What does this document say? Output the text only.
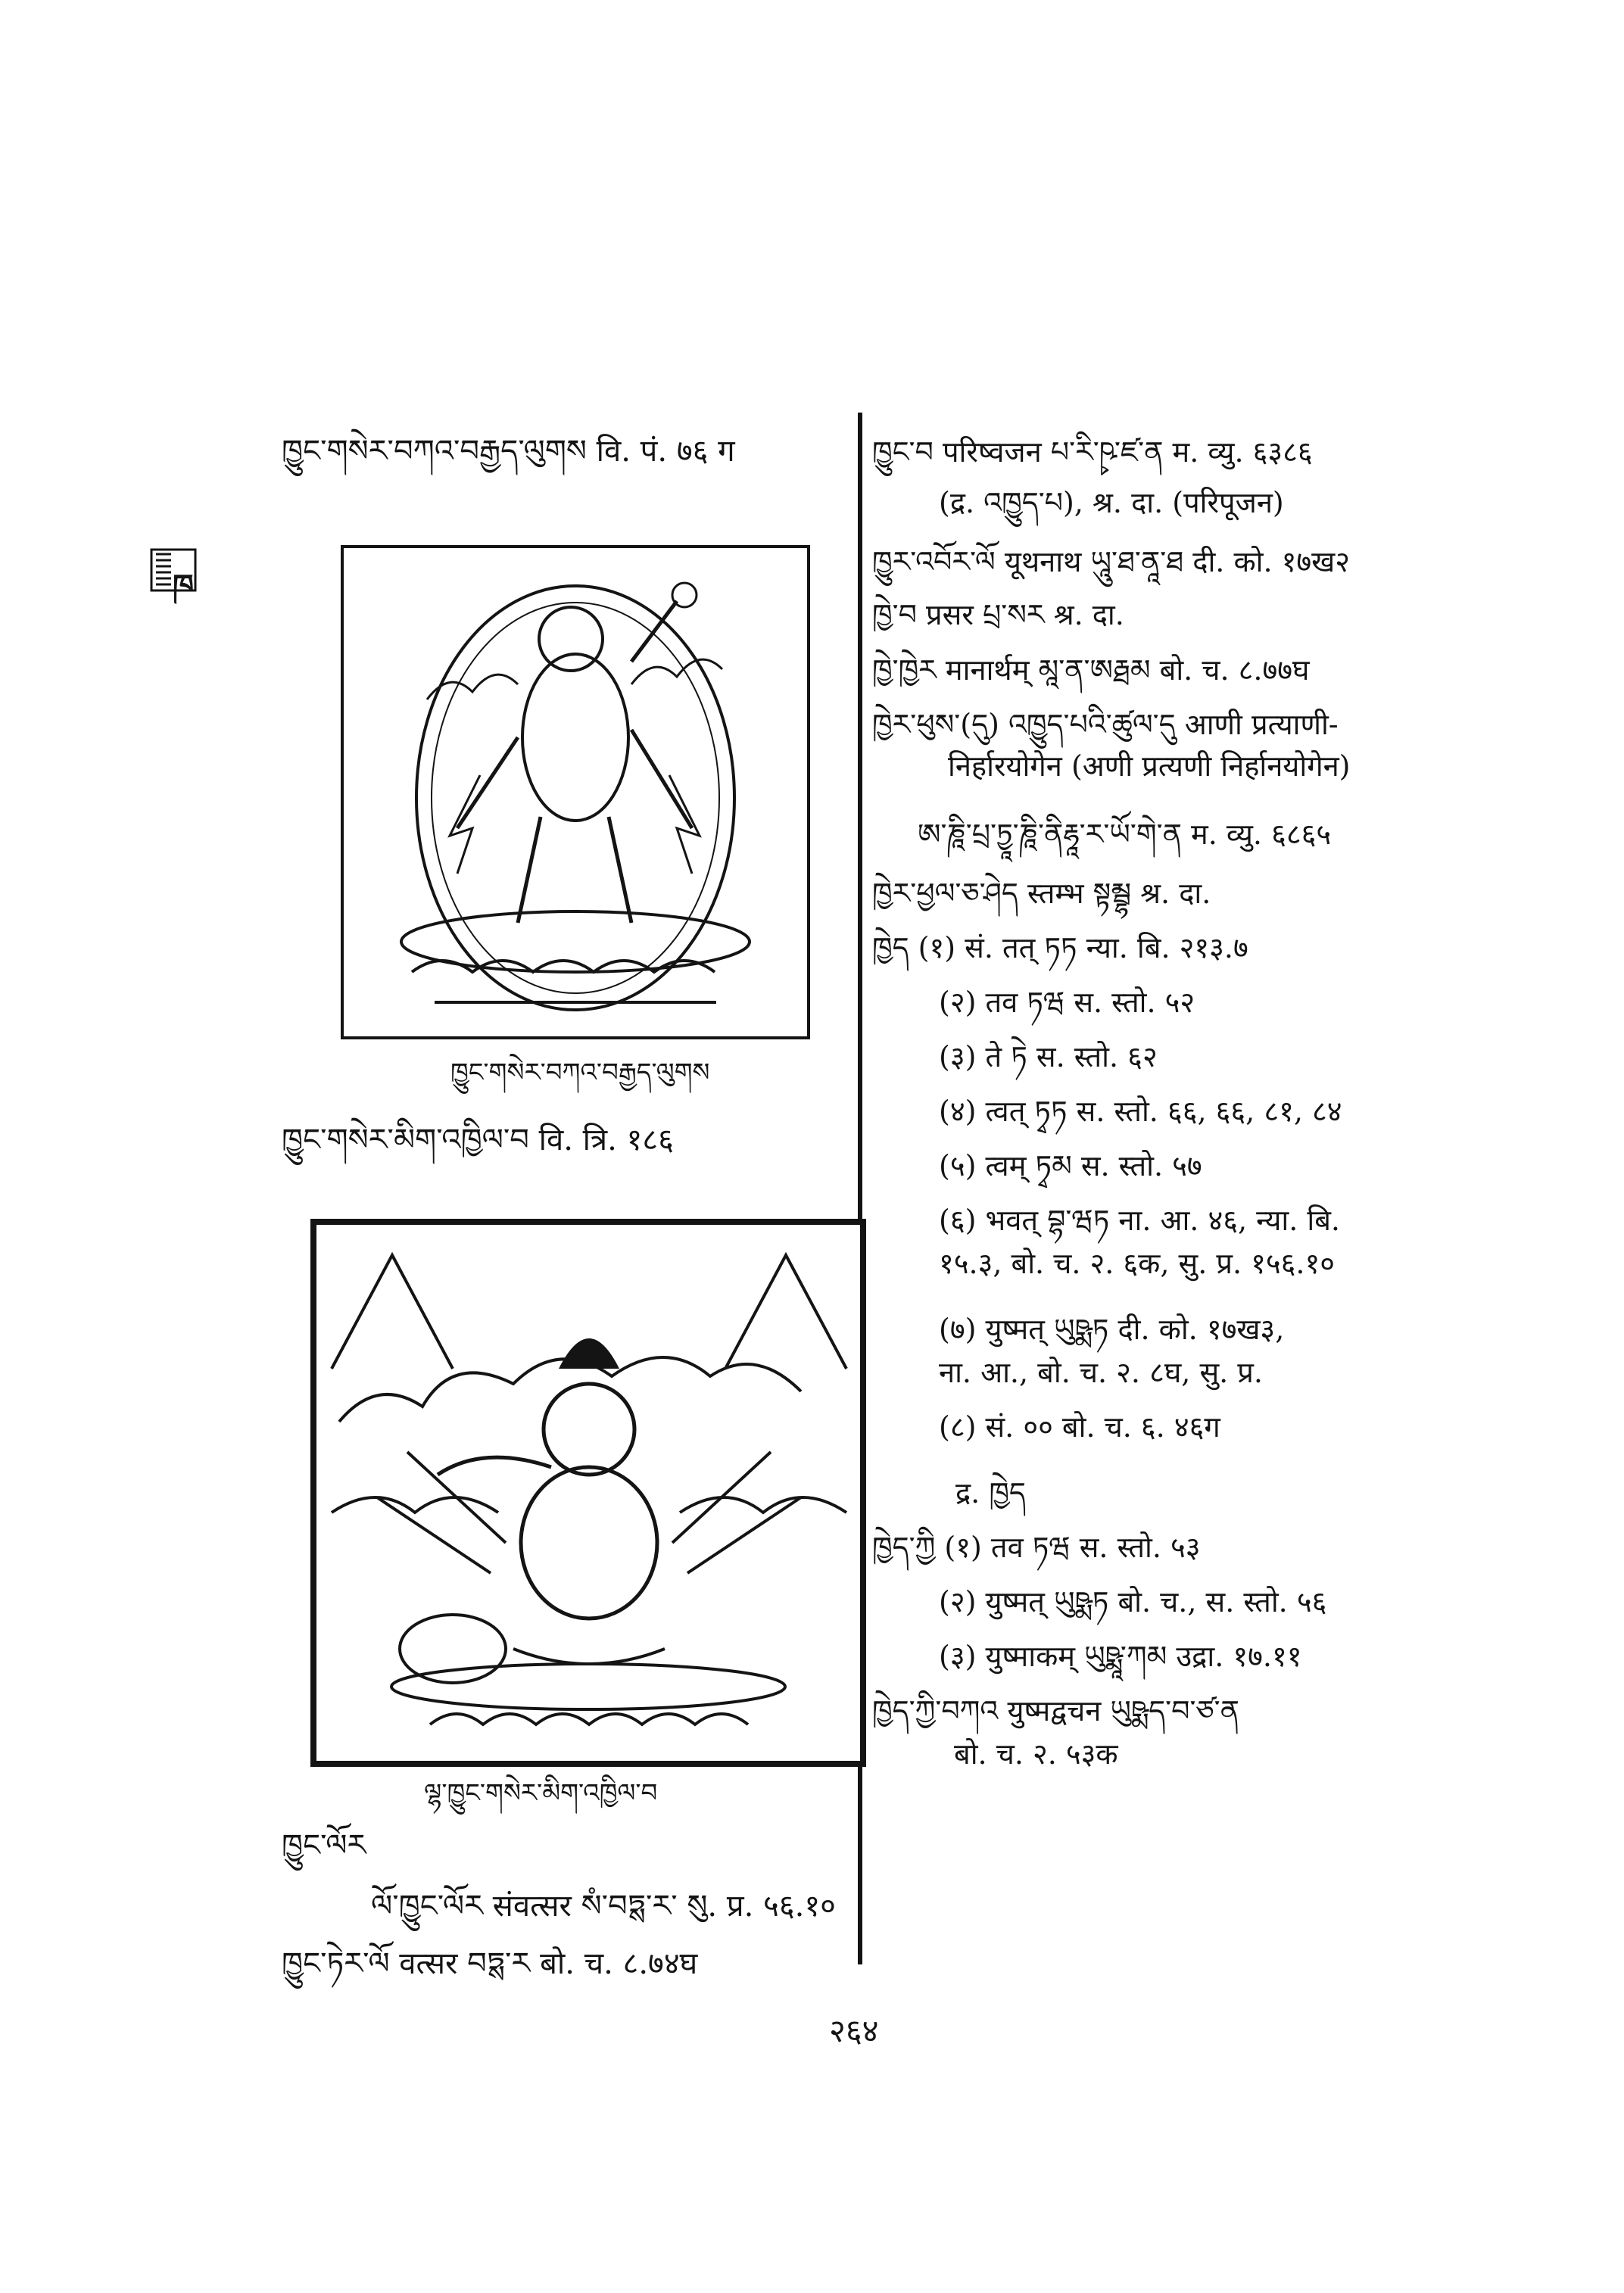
ཁ
ཁྱུང་གསེར་བཀའ་བརྒྱད་ལུགས वि. पं. ७६ ग
ཁྱུང་གསེར་བཀའ་བརྒྱད་ལུགས
ཁྱུང་གསེར་མིག་འཁྱིལ་བ वि. त्रि. १८६
ལྷ་ཁྱུང་གསེར་མིག་འཁྱིལ་བ
ཁྱུང་ལོར
ལོ་ཁྱུང་ལོར संवत्सर སཾ་བཏྶ་ར་ སུ. प्र. ५६.१०
ཁྱུང་ཏེར་ལོ वत्सर བཏྶ་ར बो. च. ८.७४घ
ཁྱུང་བ परिष्वजन པ་རི་ཥྭ་ཛ་ན म. व्यु. ६३८६
(द्र. འཁྱུད་པ), श्र. दा. (परिपूजन)
ཁྱུར་འབོར་ལོ यूथनाथ ཡཱུ་ཐ་ནཱ་ཐ दी. को. १७ख२
ཁྱེ་བ प्रसर པྲ་སར श्र. दा.
ཁྱེ་ཁྱེར मानार्थम् མཱ་ན་ཨརྠམ बो. च. ८.७७घ
ཁྱེར་ཕུས་(དུ) འཁྱུད་པའི་ཚུལ་དུ आणी प्रत्याणी-
निर्हारयोगेन (अणी प्रत्यणी निर्हानयोगेन)
ཨ་ཎཱི་པྲ་ཏྱཱ་ཎཱི་ནིརྷཱ་ར་ཡོ་གེ་ན म. व्यु. ६८६५
ཁྱེར་ཕྱལ་ཅ་ཤེད स्तम्भ སྟམྦྷ श्र. दा.
ཁྱེད (१) सं. तत् ཏཏ न्या. बि. २१३.७
(२) तव ཏཝ स. स्तो. ५२
(३) ते ཏེ स. स्तो. ६२
(४) त्वत् ཏྭཏ स. स्तो. ६६, ६६, ८१, ८४
(५) त्वम् ཏྭམ स. स्तो. ५७
(६) भवत् བྷ་ཝཏ ना. आ. ४६, न्या. बि.
१५.३, बो. च. २. ६क, सु. प्र. १५६.१०
(७) युष्मत् ཡུཥྨཏ दी. को. १७ख३,
ना. आ., बो. च. २. ८घ, सु. प्र.
(८) सं. ०० बो. च. ६. ४६ग
द्र. ཁྱེད
ཁྱེད་ཀྱི (१) तव ཏཝ स. स्तो. ५३
(२) युष्मत् ཡུཥྨཏ बो. च., स. स्तो. ५६
(३) युष्माकम् ཡུཥྨཱ་ཀམ उद्रा. १७.११
ཁྱེད་ཀྱི་བཀའ युष्मद्वचन ཡུཥྨད་བ་ཙ་ན
बो. च. २. ५३क
२६४
